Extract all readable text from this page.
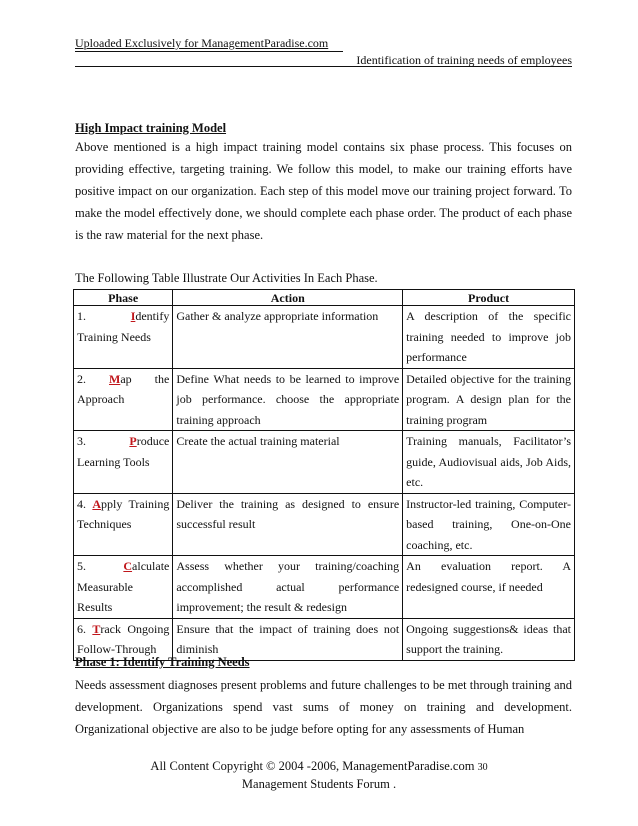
Uploaded Exclusively for ManagementParadise.com
Identification of training needs of employees
High Impact training Model
Above mentioned is a high impact training model contains six phase process. This focuses on providing effective, targeting training. We follow this model, to make our training efforts have positive impact on our organization. Each step of this model move our training project forward. To make the model effectively done, we should complete each phase order. The product of each phase is the raw material for the next phase.
The Following Table Illustrate Our Activities In Each Phase.
Phase	Action	Product
1. Identify Training Needs	Gather & analyze appropriate information	A description of the specific training needed to improve job performance
2. Map the Approach	Define What needs to be learned to improve job performance. choose the appropriate training approach	Detailed objective for the training program. A design plan for the training program
3. Produce Learning Tools	Create the actual training material	Training manuals, Facilitator’s guide, Audiovisual aids, Job Aids, etc.
4. Apply Training Techniques	Deliver the training as designed to ensure successful result	Instructor-led training, Computer-based training, One-on-One coaching, etc.
5. Calculate Measurable Results	Assess whether your training/coaching accomplished actual performance improvement; the result & redesign	An evaluation report. A redesigned course, if needed
6. Track Ongoing Follow-Through	Ensure that the impact of training does not diminish	Ongoing suggestions& ideas that support the training.
Phase 1: Identify Training Needs
Needs assessment diagnoses present problems and future challenges to be met through training and development. Organizations spend vast sums of money on training and development. Organizational objective are also to be judge before opting for any assessments of Human
All Content Copyright © 2004 -2006, ManagementParadise.com 30
Management Students Forum .
